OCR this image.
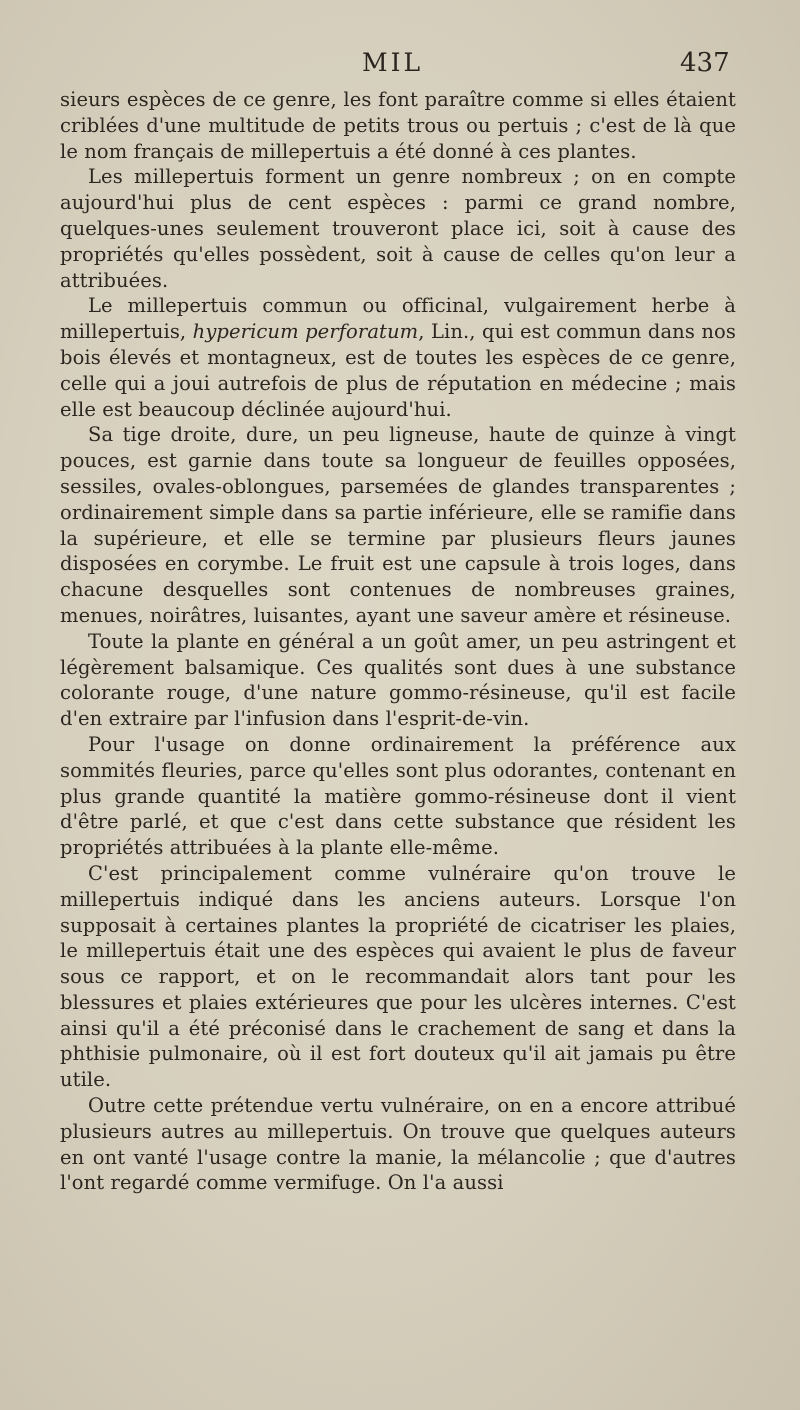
MIL	437

sieurs espèces de ce genre, les font paraître comme si elles étaient criblées d'une multitude de petits trous ou pertuis ; c'est de là que le nom français de millepertuis a été donné à ces plantes.

Les millepertuis forment un genre nombreux ; on en compte aujourd'hui plus de cent espèces : parmi ce grand nombre, quelques-unes seulement trouveront place ici, soit à cause des propriétés qu'elles possèdent, soit à cause de celles qu'on leur a attribuées.

Le millepertuis commun ou officinal, vulgairement herbe à millepertuis, hypericum perforatum, Lin., qui est commun dans nos bois élevés et montagneux, est de toutes les espèces de ce genre, celle qui a joui autrefois de plus de réputation en médecine ; mais elle est beaucoup déclinée aujourd'hui.

Sa tige droite, dure, un peu ligneuse, haute de quinze à vingt pouces, est garnie dans toute sa longueur de feuilles opposées, sessiles, ovales-oblongues, parsemées de glandes transparentes ; ordinairement simple dans sa partie inférieure, elle se ramifie dans la supérieure, et elle se termine par plusieurs fleurs jaunes disposées en corymbe. Le fruit est une capsule à trois loges, dans chacune desquelles sont contenues de nombreuses graines, menues, noirâtres, luisantes, ayant une saveur amère et résineuse.

Toute la plante en général a un goût amer, un peu astringent et légèrement balsamique. Ces qualités sont dues à une substance colorante rouge, d'une nature gommo-résineuse, qu'il est facile d'en extraire par l'infusion dans l'esprit-de-vin.

Pour l'usage on donne ordinairement la préférence aux sommités fleuries, parce qu'elles sont plus odorantes, contenant en plus grande quantité la matière gommo-résineuse dont il vient d'être parlé, et que c'est dans cette substance que résident les propriétés attribuées à la plante elle-même.

C'est principalement comme vulnéraire qu'on trouve le millepertuis indiqué dans les anciens auteurs. Lorsque l'on supposait à certaines plantes la propriété de cicatriser les plaies, le millepertuis était une des espèces qui avaient le plus de faveur sous ce rapport, et on le recommandait alors tant pour les blessures et plaies extérieures que pour les ulcères internes. C'est ainsi qu'il a été préconisé dans le crachement de sang et dans la phthisie pulmonaire, où il est fort douteux qu'il ait jamais pu être utile.

Outre cette prétendue vertu vulnéraire, on en a encore attribué plusieurs autres au millepertuis. On trouve que quelques auteurs en ont vanté l'usage contre la manie, la mélancolie ; que d'autres l'ont regardé comme vermifuge. On l'a aussi
